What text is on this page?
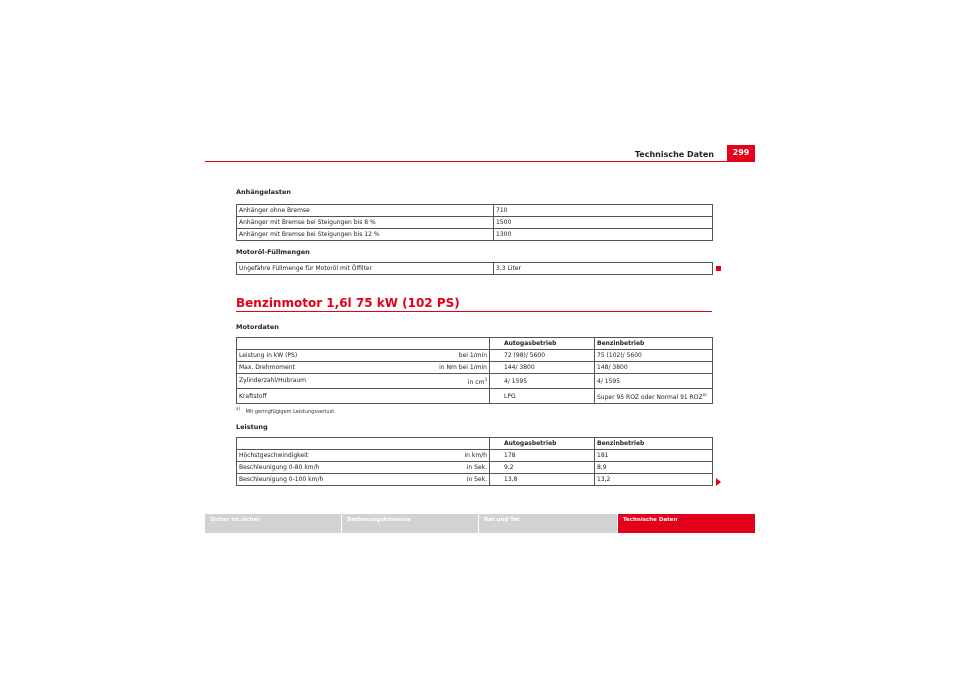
Technische Daten	299
Anhängelasten
Anhänger ohne Bremse	710
Anhänger mit Bremse bei Steigungen bis 8 %	1500
Anhänger mit Bremse bei Steigungen bis 12 %	1300
Motoröl-Füllmengen
Ungefähre Füllmenge für Motoröl mit Ölfilter	3,3 Liter
Benzinmotor 1,6l 75 kW (102 PS)
Motordaten
	Autogasbetrieb	Benzinbetrieb
Leistung in kW (PS) bei 1/min	72 (98)/ 5600	75 (102)/ 5600
Max. Drehmoment in Nm bei 1/min	144/ 3800	148/ 3800
Zylinderzahl/Hubraum in $cm^3$	4/ 1595	4/ 1595
Kraftstoff	LPG	Super 95 ROZ oder Normal 91 ROZ$^{a)}$
$^{a)}$ Mit geringfügigem Leistungsverlust.
Leistung
	Autogasbetrieb	Benzinbetrieb
Höchstgeschwindigkeit in km/h	178	181
Beschleunigung 0-80 km/h in Sek.	9,2	8,9
Beschleunigung 0-100 km/h in Sek.	13,8	13,2
Sicher ist sicher	Bedienungshinweise	Rat und Tat	Technische Daten
